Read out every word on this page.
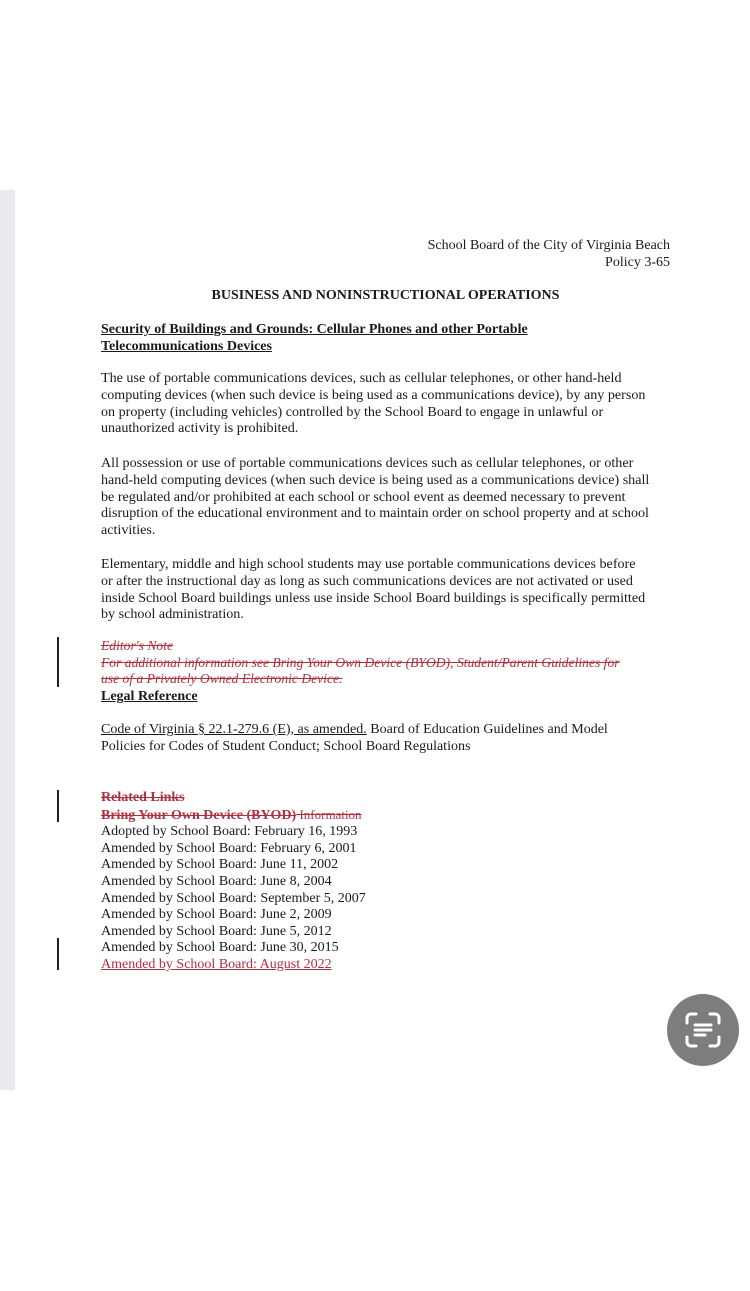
School Board of the City of Virginia Beach
Policy 3-65
BUSINESS AND NONINSTRUCTIONAL OPERATIONS
Security of Buildings and Grounds: Cellular Phones and other Portable
Telecommunications Devices
The use of portable communications devices, such as cellular telephones, or other hand-held
computing devices (when such device is being used as a communications device), by any person
on property (including vehicles) controlled by the School Board to engage in unlawful or
unauthorized activity is prohibited.
All possession or use of portable communications devices such as cellular telephones, or other
hand-held computing devices (when such device is being used as a communications device) shall
be regulated and/or prohibited at each school or school event as deemed necessary to prevent
disruption of the educational environment and to maintain order on school property and at school
activities.
Elementary, middle and high school students may use portable communications devices before
or after the instructional day as long as such communications devices are not activated or used
inside School Board buildings unless use inside School Board buildings is specifically permitted
by school administration.
Editor's Note
For additional information see Bring Your Own Device (BYOD), Student/Parent Guidelines for
use of a Privately Owned Electronic Device.
Legal Reference
Code of Virginia § 22.1-279.6 (E), as amended. Board of Education Guidelines and Model
Policies for Codes of Student Conduct; School Board Regulations
Related Links
Bring Your Own Device (BYOD) Information
Adopted by School Board: February 16, 1993
Amended by School Board: February 6, 2001
Amended by School Board: June 11, 2002
Amended by School Board: June 8, 2004
Amended by School Board: September 5, 2007
Amended by School Board: June 2, 2009
Amended by School Board: June 5, 2012
Amended by School Board: June 30, 2015
Amended by School Board: August 2022
